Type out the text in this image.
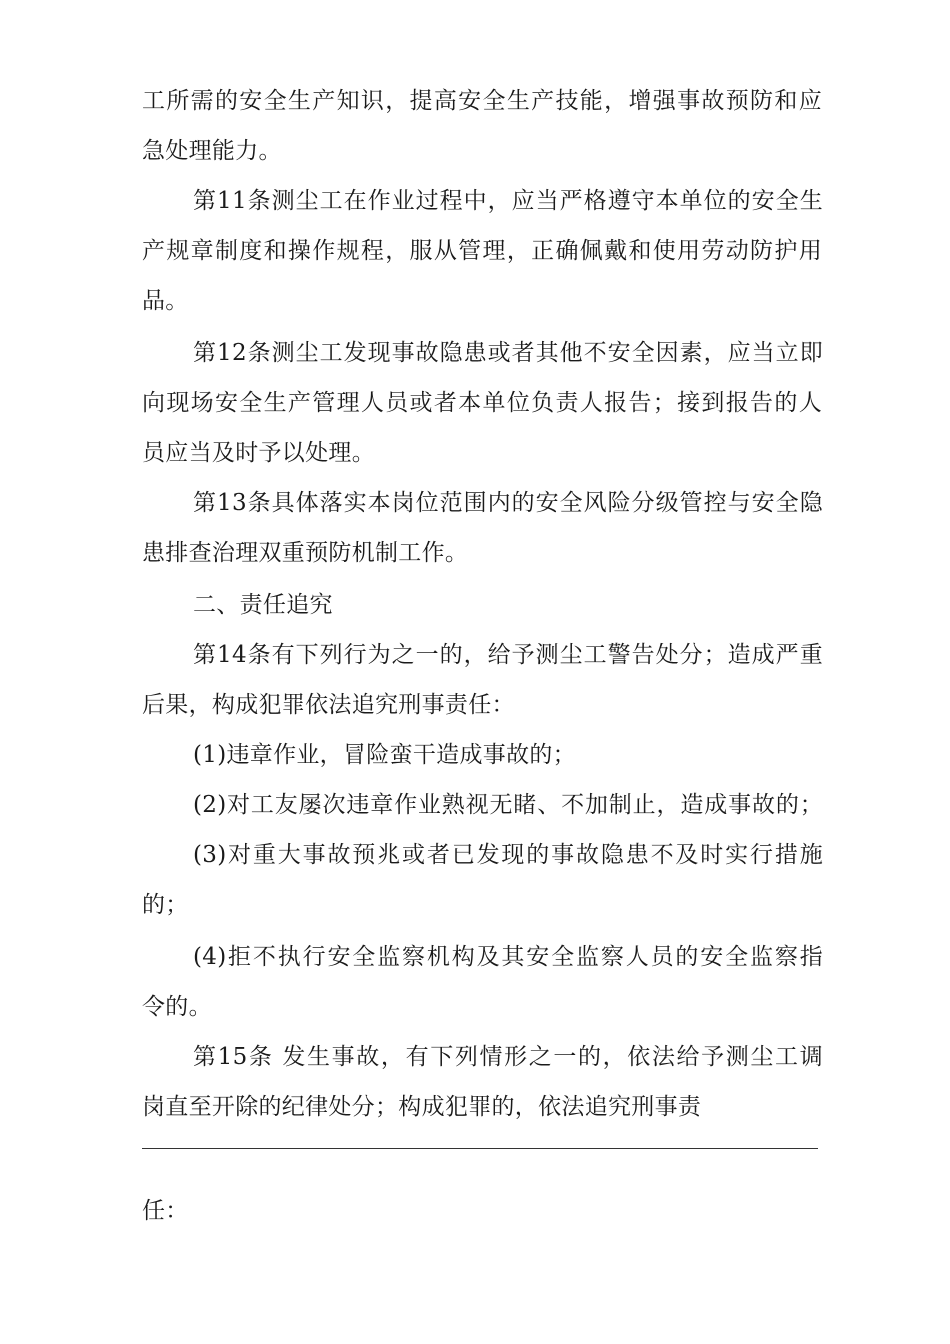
工所需的安全生产知识，提高安全生产技能，增强事故预防和应
急处理能力。
第11条测尘工在作业过程中，应当严格遵守本单位的安全生
产规章制度和操作规程，服从管理，正确佩戴和使用劳动防护用
品。
第12条测尘工发现事故隐患或者其他不安全因素，应当立即
向现场安全生产管理人员或者本单位负责人报告；接到报告的人
员应当及时予以处理。
第13条具体落实本岗位范围内的安全风险分级管控与安全隐
患排查治理双重预防机制工作。
二、责任追究
第14条有下列行为之一的，给予测尘工警告处分；造成严重
后果，构成犯罪依法追究刑事责任：
(1)违章作业，冒险蛮干造成事故的；
(2)对工友屡次违章作业熟视无睹、不加制止，造成事故的；
(3)对重大事故预兆或者已发现的事故隐患不及时实行措施
的；
(4)拒不执行安全监察机构及其安全监察人员的安全监察指
令的。
第15条 发生事故，有下列情形之一的，依法给予测尘工调
岗直至开除的纪律处分；构成犯罪的，依法追究刑事责
任：
